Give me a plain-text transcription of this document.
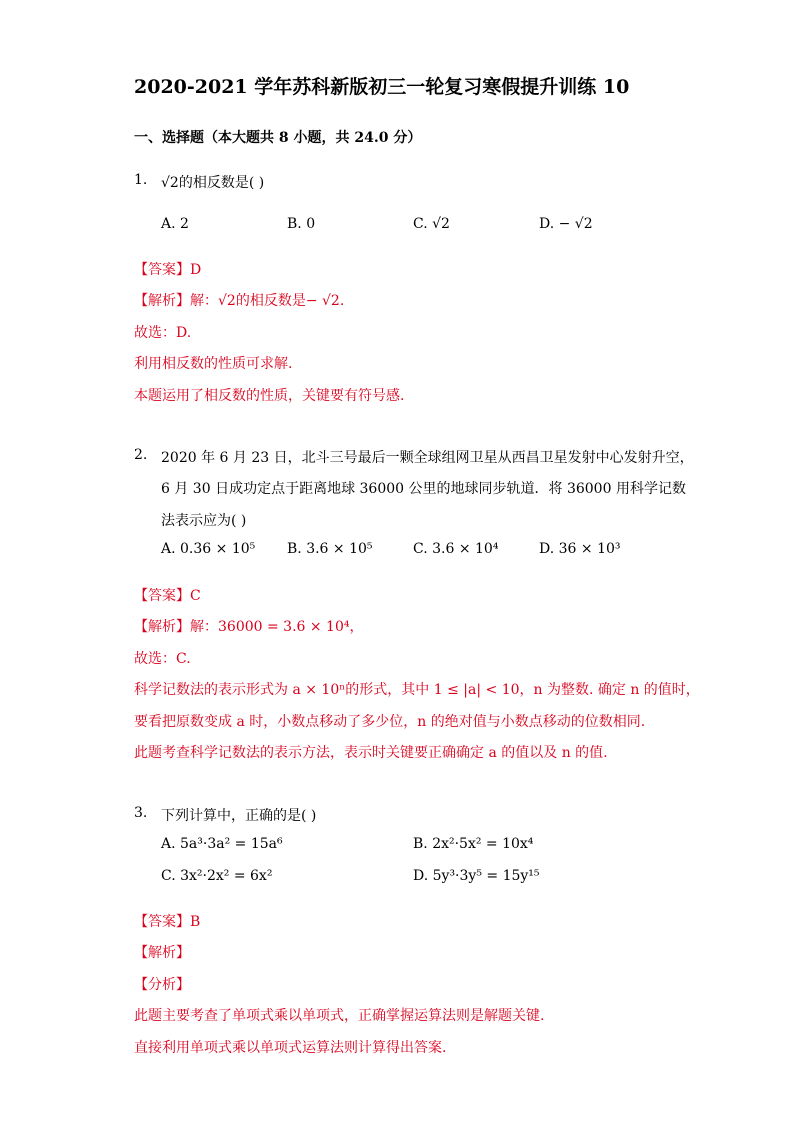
2020-2021 学年苏科新版初三一轮复习寒假提升训练 10
一、选择题（本大题共 8 小题，共 24.0 分）
1. √2的相反数是( )
A. 2	B. 0	C. √2	D. − √2
【答案】D
【解析】解：√2的相反数是− √2.
故选：D.
利用相反数的性质可求解.
本题运用了相反数的性质，关键要有符号感.
2. 2020 年 6 月 23 日，北斗三号最后一颗全球组网卫星从西昌卫星发射中心发射升空，
6 月 30 日成功定点于距离地球 36000 公里的地球同步轨道．将 36000 用科学记数
法表示应为( )
A. 0.36 × 10⁵ B. 3.6 × 10⁵	C. 3.6 × 10⁴	D. 36 × 10³
【答案】C
【解析】解：36000 = 3.6 × 10⁴，
故选：C.
科学记数法的表示形式为 a × 10ⁿ的形式，其中 1 ≤ |a| < 10，n 为整数. 确定 n 的值时，
要看把原数变成 a 时，小数点移动了多少位，n 的绝对值与小数点移动的位数相同.
此题考查科学记数法的表示方法，表示时关键要正确确定 a 的值以及 n 的值.
3. 下列计算中，正确的是( )
A. 5a³·3a² = 15a⁶	B. 2x²·5x² = 10x⁴
C. 3x²·2x² = 6x²	D. 5y³·3y⁵ = 15y¹⁵
【答案】B
【解析】
【分析】
此题主要考查了单项式乘以单项式，正确掌握运算法则是解题关键.
直接利用单项式乘以单项式运算法则计算得出答案.
